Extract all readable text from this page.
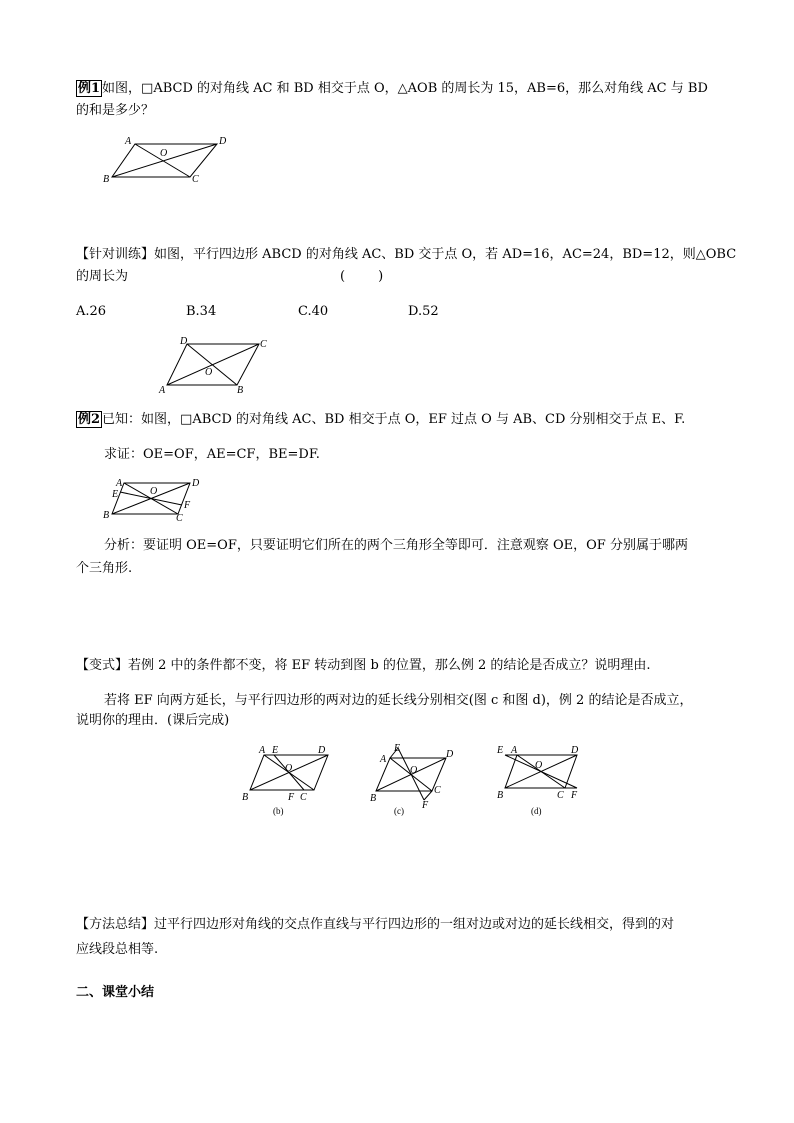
例1 如图，□ABCD 的对角线 AC 和 BD 相交于点 O，△AOB 的周长为 15，AB=6，那么对角线 AC 与 BD
的和是多少？
A	D
B	C
O
【针对训练】如图，平行四边形 ABCD 的对角线 AC、BD 交于点 O，若 AD=16，AC=24，BD=12，则△OBC
的周长为	(        )
A.26	B.34	C.40	D.52
D	C
A	B
O
例2 已知：如图，□ABCD 的对角线 AC、BD 相交于点 O，EF 过点 O 与 AB、CD 分别相交于点 E、F.
求证：OE=OF，AE=CF，BE=DF.
A	D
E	O
F
B	C
分析：要证明 OE=OF，只要证明它们所在的两个三角形全等即可．注意观察 OE，OF 分别属于哪两
个三角形.
【变式】若例 2 中的条件都不变，将 EF 转动到图 b 的位置，那么例 2 的结论是否成立？说明理由.
若将 EF 向两方延长，与平行四边形的两对边的延长线分别相交(图 c 和图 d)，例 2 的结论是否成立，
说明你的理由．(课后完成)
A E	D
O
B	F C
(b)
E
A	D
O
B
C
F
(c)
E A	D
O
B	C F
(d)
【方法总结】过平行四边形对角线的交点作直线与平行四边形的一组对边或对边的延长线相交，得到的对
应线段总相等.
二、课堂小结
